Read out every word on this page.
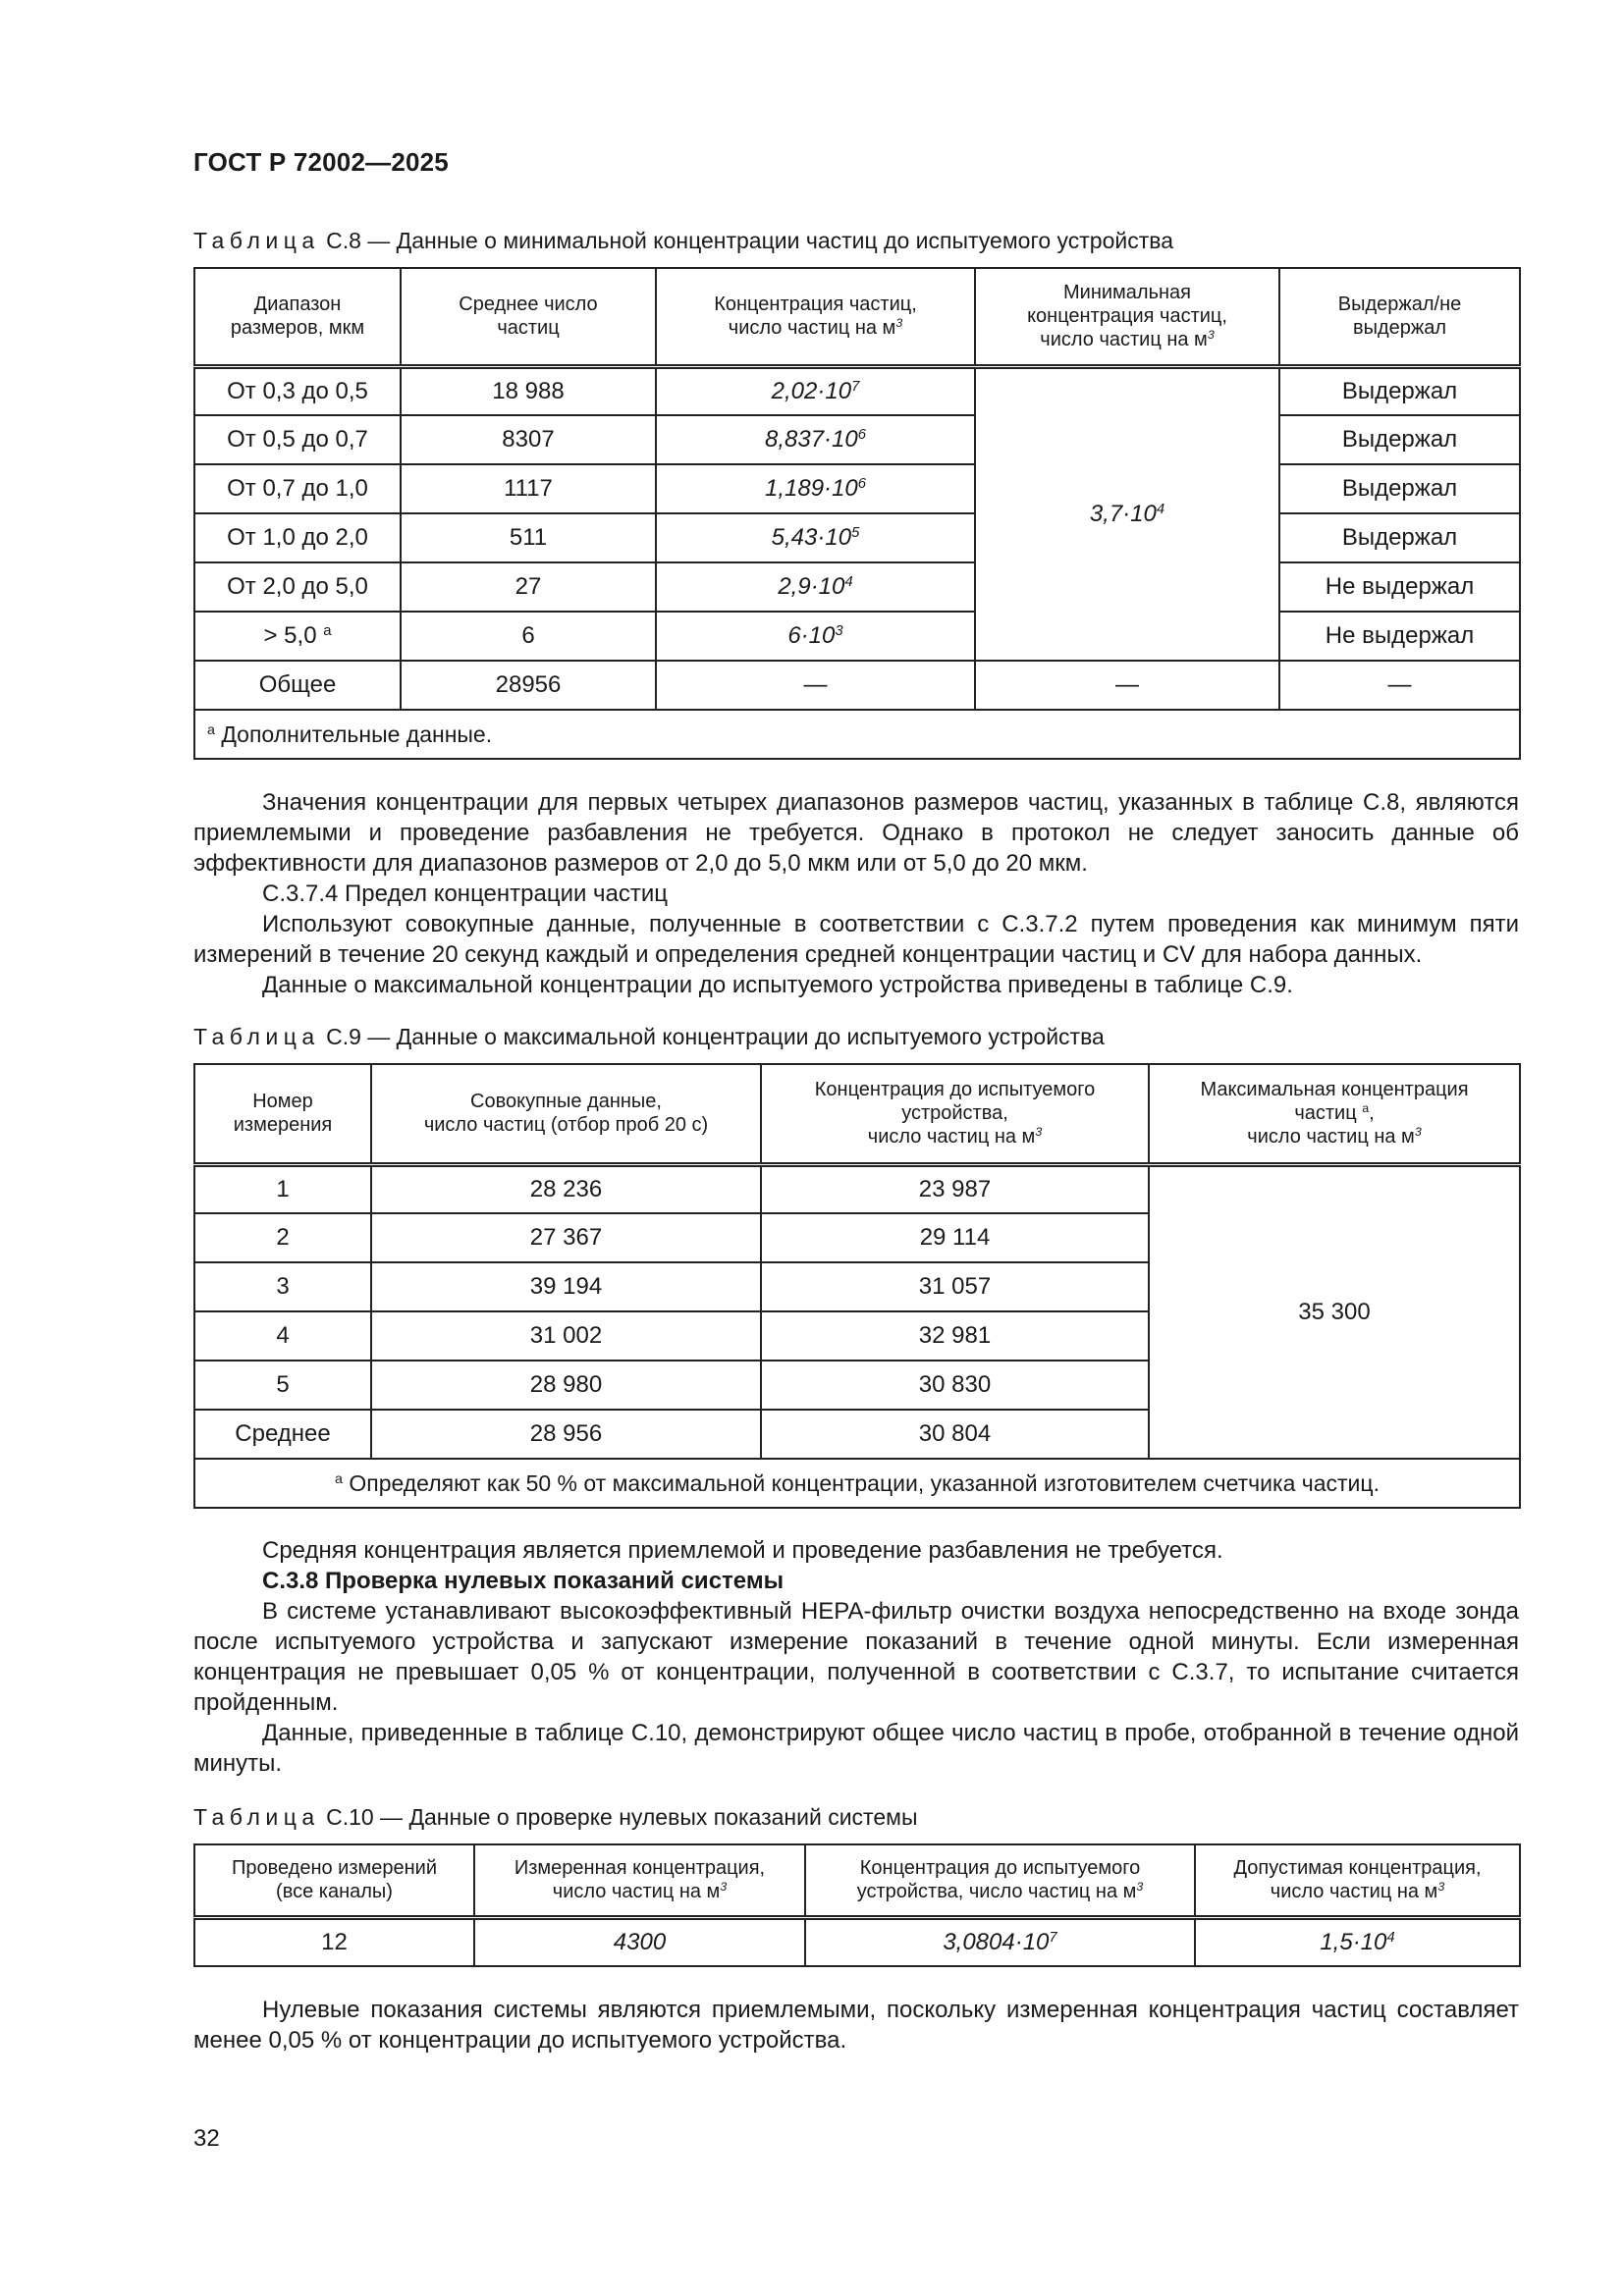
ГОСТ Р 72002—2025
Таблица С.8 — Данные о минимальной концентрации частиц до испытуемого устройства
Диапазон
размеров, мкм	Среднее число
частиц	Концентрация частиц,
число частиц на $м^3$	Минимальная
концентрация частиц,
число частиц на $м^3$	Выдержал/не
выдержал
От 0,3 до 0,5	18 988	$2,02\cdot 10^7$	$3,7\cdot 10^4$	Выдержал
От 0,5 до 0,7	8307	$8,837\cdot 10^6$		Выдержал
От 0,7 до 1,0	1117	$1,189\cdot 10^6$		Выдержал
От 1,0 до 2,0	511	$5,43\cdot 10^5$		Выдержал
От 2,0 до 5,0	27	$2,9\cdot 10^4$		Не выдержал
> 5,0 $^a$	6	$6\cdot 10^3$		Не выдержал
Общее	28956	—	—	—
$^a$ Дополнительные данные.				

Значения концентрации для первых четырех диапазонов размеров частиц, указанных в таблице С.8, являются приемлемыми и проведение разбавления не требуется. Однако в протокол не следует заносить данные об эффективности для диапазонов размеров от 2,0 до 5,0 мкм или от 5,0 до 20 мкм.

С.3.7.4 Предел концентрации частиц

Используют совокупные данные, полученные в соответствии с С.3.7.2 путем проведения как минимум пяти измерений в течение 20 секунд каждый и определения средней концентрации частиц и CV для набора данных.

Данные о максимальной концентрации до испытуемого устройства приведены в таблице С.9.

Таблица С.9 — Данные о максимальной концентрации до испытуемого устройства
Номер
измерения	Совокупные данные,
число частиц (отбор проб 20 с)	Концентрация до испытуемого
устройства,
число частиц на $м^3$	Максимальная концентрация
частиц $^a$,
число частиц на $м^3$
1	28 236	23 987	35 300
2	27 367	29 114	
3	39 194	31 057	
4	31 002	32 981	
5	28 980	30 830	
Среднее	28 956	30 804	
$^a$ Определяют как 50 % от максимальной концентрации, указанной изготовителем счетчика частиц.			

Средняя концентрация является приемлемой и проведение разбавления не требуется.

С.3.8 Проверка нулевых показаний системы

В системе устанавливают высокоэффективный HEPA-фильтр очистки воздуха непосредственно на входе зонда после испытуемого устройства и запускают измерение показаний в течение одной минуты. Если измеренная концентрация не превышает 0,05 % от концентрации, полученной в соответствии с С.3.7, то испытание считается пройденным.

Данные, приведенные в таблице С.10, демонстрируют общее число частиц в пробе, отобранной в течение одной минуты.

Таблица С.10 — Данные о проверке нулевых показаний системы
Проведено измерений
(все каналы)	Измеренная концентрация,
число частиц на $м^3$	Концентрация до испытуемого
устройства, число частиц на $м^3$	Допустимая концентрация,
число частиц на $м^3$
12	4300	$3,0804\cdot 10^7$	$1,5\cdot 10^4$

Нулевые показания системы являются приемлемыми, поскольку измеренная концентрация частиц составляет менее 0,05 % от концентрации до испытуемого устройства.

32
